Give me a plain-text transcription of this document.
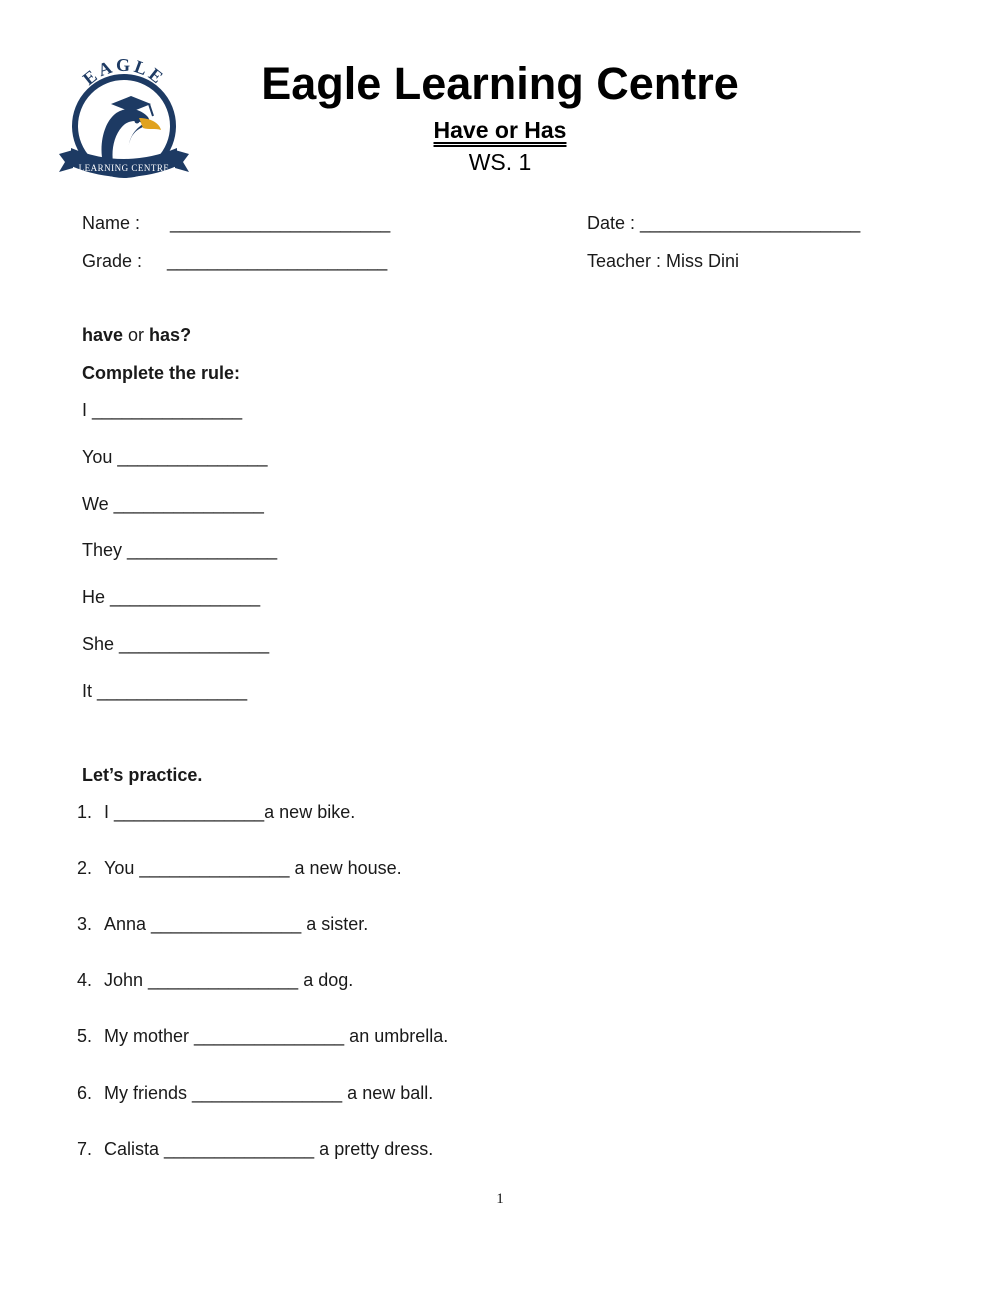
EAGLE
LEARNING CENTRE
Eagle Learning Centre
Have or Has
WS. 1
Name :      ______________________
Grade :     ______________________
Date : ______________________
Teacher : Miss Dini
have or has?
Complete the rule:
I _______________
You _______________
We _______________
They _______________
He _______________
She _______________
It _______________
Let’s practice.
1. I _______________a new bike.
2. You _______________ a new house.
3. Anna _______________ a sister.
4. John _______________ a dog.
5. My mother _______________ an umbrella.
6. My friends _______________ a new ball.
7. Calista _______________ a pretty dress.
1
